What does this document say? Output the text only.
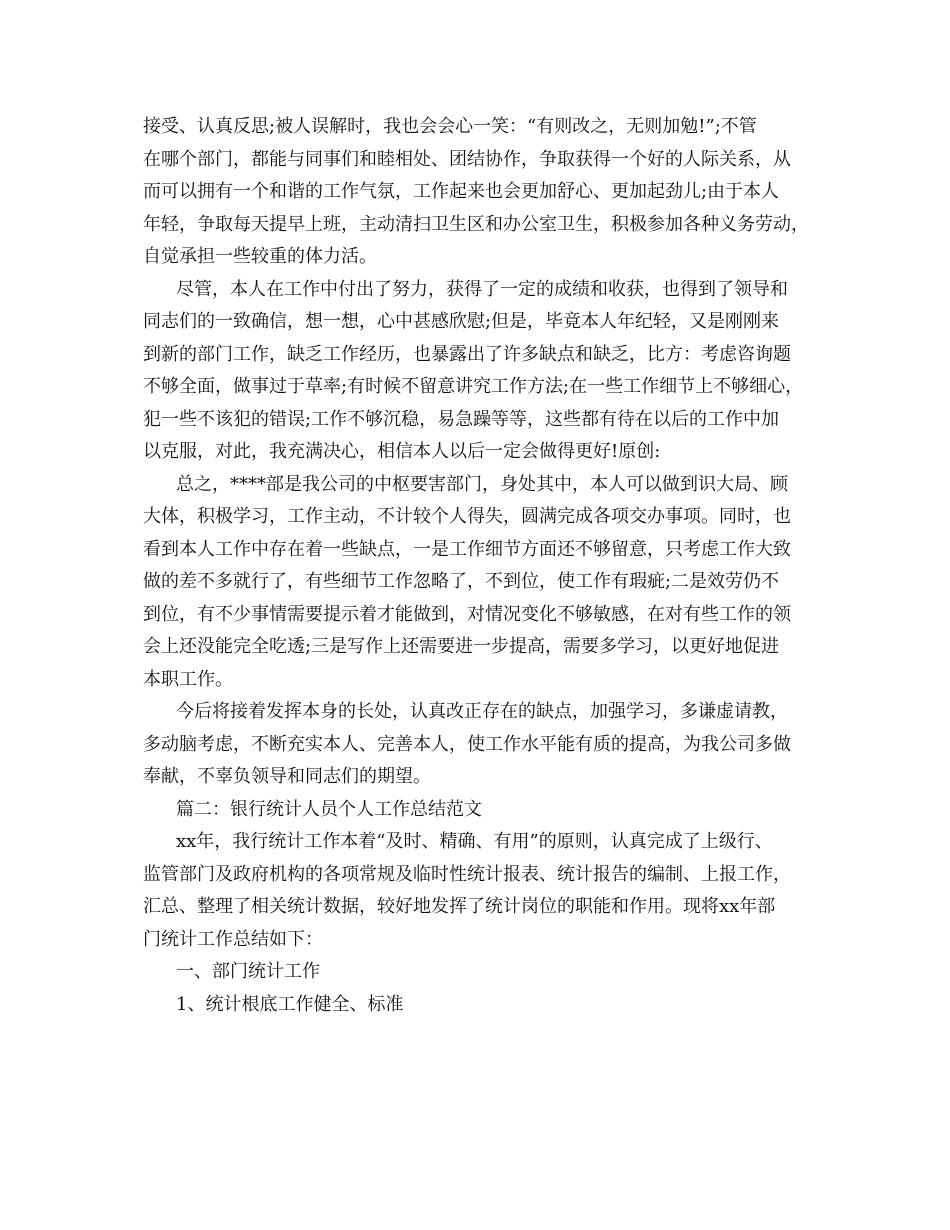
接受、认真反思;被人误解时，我也会会心一笑：“有则改之，无则加勉!”;不管
在哪个部门，都能与同事们和睦相处、团结协作，争取获得一个好的人际关系，从
而可以拥有一个和谐的工作气氛，工作起来也会更加舒心、更加起劲儿;由于本人
年轻，争取每天提早上班，主动清扫卫生区和办公室卫生，积极参加各种义务劳动，
自觉承担一些较重的体力活。
尽管，本人在工作中付出了努力，获得了一定的成绩和收获，也得到了领导和
同志们的一致确信，想一想，心中甚感欣慰;但是，毕竟本人年纪轻，又是刚刚来
到新的部门工作，缺乏工作经历，也暴露出了许多缺点和缺乏，比方：考虑咨询题
不够全面，做事过于草率;有时候不留意讲究工作方法;在一些工作细节上不够细心，
犯一些不该犯的错误;工作不够沉稳，易急躁等等，这些都有待在以后的工作中加
以克服，对此，我充满决心，相信本人以后一定会做得更好!原创:
总之，****部是我公司的中枢要害部门，身处其中，本人可以做到识大局、顾
大体，积极学习，工作主动，不计较个人得失，圆满完成各项交办事项。同时，也
看到本人工作中存在着一些缺点，一是工作细节方面还不够留意，只考虑工作大致
做的差不多就行了，有些细节工作忽略了，不到位，使工作有瑕疵;二是效劳仍不
到位，有不少事情需要提示着才能做到，对情况变化不够敏感，在对有些工作的领
会上还没能完全吃透;三是写作上还需要进一步提高，需要多学习，以更好地促进
本职工作。
今后将接着发挥本身的长处，认真改正存在的缺点，加强学习，多谦虚请教，
多动脑考虑，不断充实本人、完善本人，使工作水平能有质的提高，为我公司多做
奉献，不辜负领导和同志们的期望。
篇二：银行统计人员个人工作总结范文
xx年，我行统计工作本着“及时、精确、有用”的原则，认真完成了上级行、
监管部门及政府机构的各项常规及临时性统计报表、统计报告的编制、上报工作，
汇总、整理了相关统计数据，较好地发挥了统计岗位的职能和作用。现将xx年部
门统计工作总结如下：
一、部门统计工作
1、统计根底工作健全、标准
